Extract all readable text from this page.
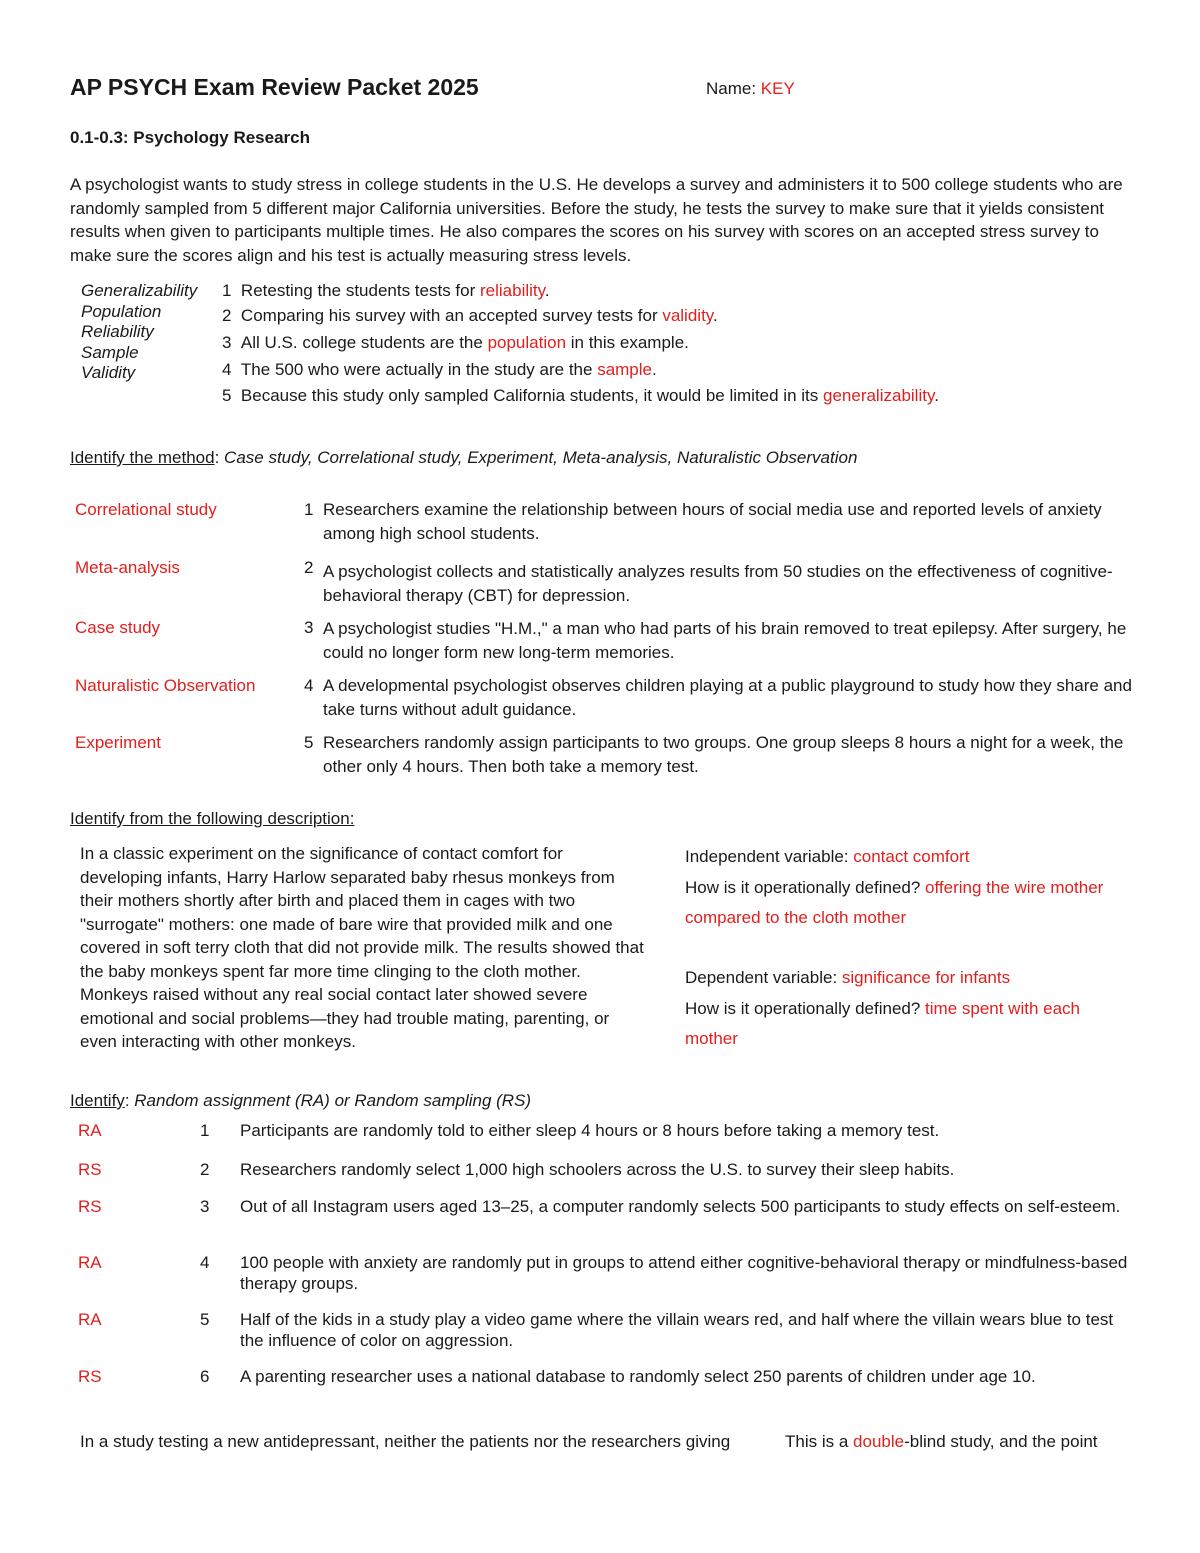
AP PSYCH Exam Review Packet 2025	Name: KEY
0.1-0.3: Psychology Research
A psychologist wants to study stress in college students in the U.S. He develops a survey and administers it to 500 college students who are randomly sampled from 5 different major California universities. Before the study, he tests the survey to make sure that it yields consistent results when given to participants multiple times. He also compares the scores on his survey with scores on an accepted stress survey to make sure the scores align and his test is actually measuring stress levels.
Generalizability
Population
Reliability
Sample
Validity
1 Retesting the students tests for reliability.
2 Comparing his survey with an accepted survey tests for validity.
3 All U.S. college students are the population in this example.
4 The 500 who were actually in the study are the sample.
5 Because this study only sampled California students, it would be limited in its generalizability.
Identify the method: Case study, Correlational study, Experiment, Meta-analysis, Naturalistic Observation
Correlational study	1 Researchers examine the relationship between hours of social media use and reported levels of anxiety among high school students.
Meta-analysis	2 A psychologist collects and statistically analyzes results from 50 studies on the effectiveness of cognitive-behavioral therapy (CBT) for depression.
Case study	3 A psychologist studies "H.M.," a man who had parts of his brain removed to treat epilepsy. After surgery, he could no longer form new long-term memories.
Naturalistic Observation	4 A developmental psychologist observes children playing at a public playground to study how they share and take turns without adult guidance.
Experiment	5 Researchers randomly assign participants to two groups. One group sleeps 8 hours a night for a week, the other only 4 hours. Then both take a memory test.
Identify from the following description:
In a classic experiment on the significance of contact comfort for developing infants, Harry Harlow separated baby rhesus monkeys from their mothers shortly after birth and placed them in cages with two "surrogate" mothers: one made of bare wire that provided milk and one covered in soft terry cloth that did not provide milk. The results showed that the baby monkeys spent far more time clinging to the cloth mother. Monkeys raised without any real social contact later showed severe emotional and social problems—they had trouble mating, parenting, or even interacting with other monkeys.
Independent variable: contact comfort
How is it operationally defined? offering the wire mother compared to the cloth mother
Dependent variable: significance for infants
How is it operationally defined? time spent with each mother
Identify: Random assignment (RA) or Random sampling (RS)
RA	1 Participants are randomly told to either sleep 4 hours or 8 hours before taking a memory test.
RS	2 Researchers randomly select 1,000 high schoolers across the U.S. to survey their sleep habits.
RS	3 Out of all Instagram users aged 13–25, a computer randomly selects 500 participants to study effects on self-esteem.
RA	4 100 people with anxiety are randomly put in groups to attend either cognitive-behavioral therapy or mindfulness-based therapy groups.
RA	5 Half of the kids in a study play a video game where the villain wears red, and half where the villain wears blue to test the influence of color on aggression.
RS	6 A parenting researcher uses a national database to randomly select 250 parents of children under age 10.
In a study testing a new antidepressant, neither the patients nor the researchers giving	This is a double-blind study, and the point
